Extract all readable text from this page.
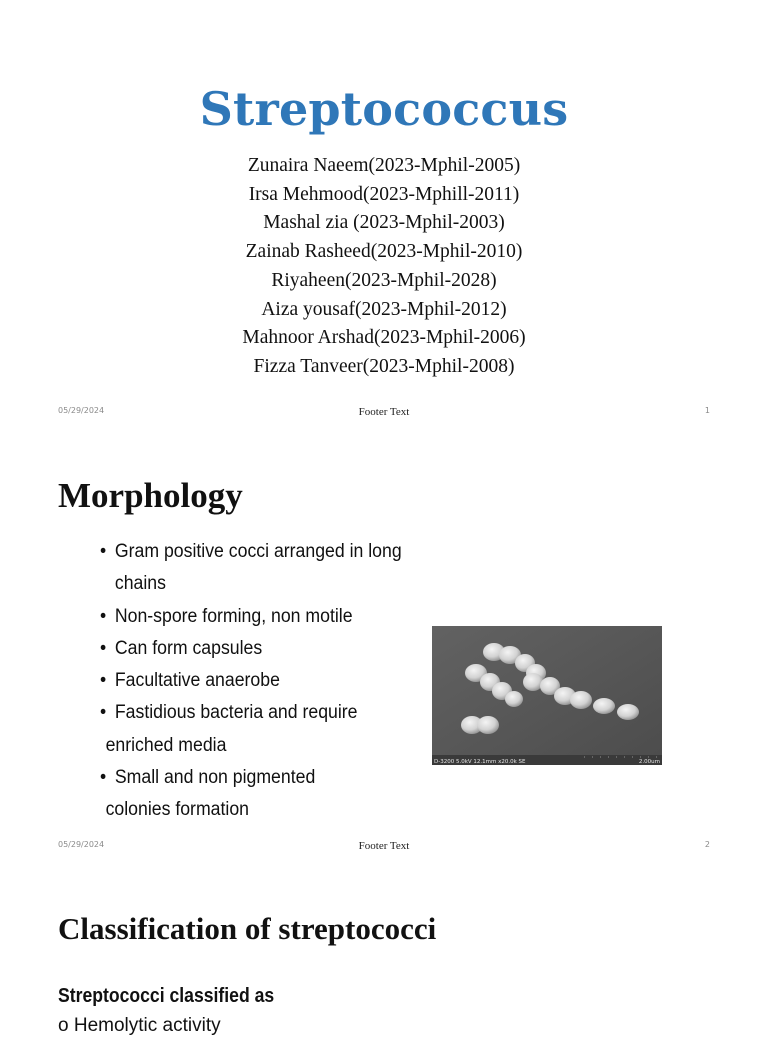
Streptococcus
Zunaira Naeem(2023-Mphil-2005)
Irsa Mehmood(2023-Mphill-2011)
Mashal zia (2023-Mphil-2003)
Zainab Rasheed(2023-Mphil-2010)
Riyaheen(2023-Mphil-2028)
Aiza yousaf(2023-Mphil-2012)
Mahnoor Arshad(2023-Mphil-2006)
Fizza Tanveer(2023-Mphil-2008)
05/29/2024	Footer Text	1
Morphology
• Gram positive cocci arranged in long chains
• Non-spore forming, non motile
• Can form capsules
• Facultative anaerobe
• Fastidious bacteria and require
enriched media
• Small and non pigmented
colonies formation
D-3200 5.0kV 12.1mm x20.0k SE	2.00um
05/29/2024	Footer Text	2
Classification of streptococci
Streptococci classified as
o Hemolytic activity
